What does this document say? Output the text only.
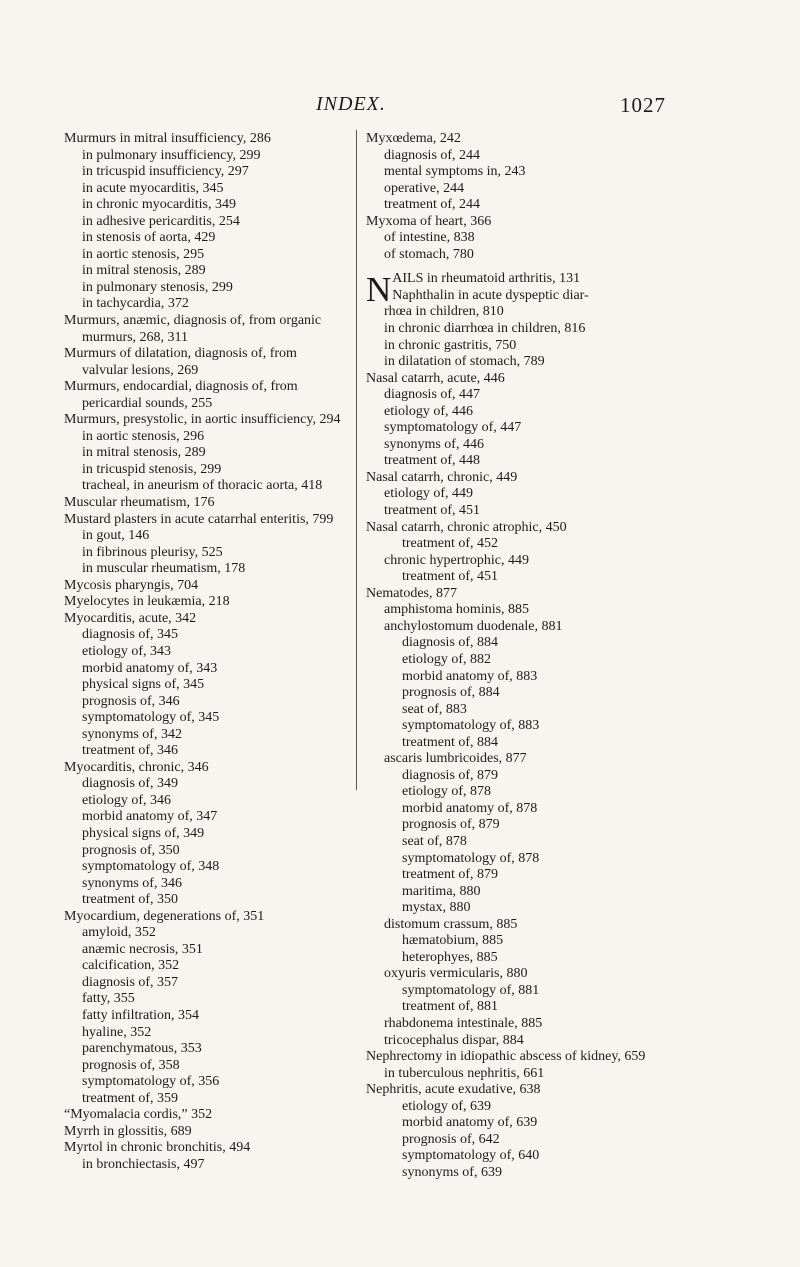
INDEX.	1027
Murmurs in mitral insufficiency, 286
in pulmonary insufficiency, 299
in tricuspid insufficiency, 297
in acute myocarditis, 345
in chronic myocarditis, 349
in adhesive pericarditis, 254
in stenosis of aorta, 429
in aortic stenosis, 295
in mitral stenosis, 289
in pulmonary stenosis, 299
in tachycardia, 372
Murmurs, anæmic, diagnosis of, from organic murmurs, 268, 311
Murmurs of dilatation, diagnosis of, from valvular lesions, 269
Murmurs, endocardial, diagnosis of, from pericardial sounds, 255
Murmurs, presystolic, in aortic insufficiency, 294
in aortic stenosis, 296
in mitral stenosis, 289
in tricuspid stenosis, 299
tracheal, in aneurism of thoracic aorta, 418
Muscular rheumatism, 176
Mustard plasters in acute catarrhal enteritis, 799
in gout, 146
in fibrinous pleurisy, 525
in muscular rheumatism, 178
Mycosis pharyngis, 704
Myelocytes in leukæmia, 218
Myocarditis, acute, 342
diagnosis of, 345
etiology of, 343
morbid anatomy of, 343
physical signs of, 345
prognosis of, 346
symptomatology of, 345
synonyms of, 342
treatment of, 346
Myocarditis, chronic, 346
diagnosis of, 349
etiology of, 346
morbid anatomy of, 347
physical signs of, 349
prognosis of, 350
symptomatology of, 348
synonyms of, 346
treatment of, 350
Myocardium, degenerations of, 351
amyloid, 352
anæmic necrosis, 351
calcification, 352
diagnosis of, 357
fatty, 355
fatty infiltration, 354
hyaline, 352
parenchymatous, 353
prognosis of, 358
symptomatology of, 356
treatment of, 359
“Myomalacia cordis,” 352
Myrrh in glossitis, 689
Myrtol in chronic bronchitis, 494
in bronchiectasis, 497
Myxœdema, 242
diagnosis of, 244
mental symptoms in, 243
operative, 244
treatment of, 244
Myxoma of heart, 366
of intestine, 838
of stomach, 780
N AILS in rheumatoid arthritis, 131
Naphthalin in acute dyspeptic diar-
rhœa in children, 810
in chronic diarrhœa in children, 816
in chronic gastritis, 750
in dilatation of stomach, 789
Nasal catarrh, acute, 446
diagnosis of, 447
etiology of, 446
symptomatology of, 447
synonyms of, 446
treatment of, 448
Nasal catarrh, chronic, 449
etiology of, 449
treatment of, 451
Nasal catarrh, chronic atrophic, 450
treatment of, 452
chronic hypertrophic, 449
treatment of, 451
Nematodes, 877
amphistoma hominis, 885
anchylostomum duodenale, 881
diagnosis of, 884
etiology of, 882
morbid anatomy of, 883
prognosis of, 884
seat of, 883
symptomatology of, 883
treatment of, 884
ascaris lumbricoides, 877
diagnosis of, 879
etiology of, 878
morbid anatomy of, 878
prognosis of, 879
seat of, 878
symptomatology of, 878
treatment of, 879
maritima, 880
mystax, 880
distomum crassum, 885
hæmatobium, 885
heterophyes, 885
oxyuris vermicularis, 880
symptomatology of, 881
treatment of, 881
rhabdonema intestinale, 885
tricocephalus dispar, 884
Nephrectomy in idiopathic abscess of kidney, 659
in tuberculous nephritis, 661
Nephritis, acute exudative, 638
etiology of, 639
morbid anatomy of, 639
prognosis of, 642
symptomatology of, 640
synonyms of, 639
